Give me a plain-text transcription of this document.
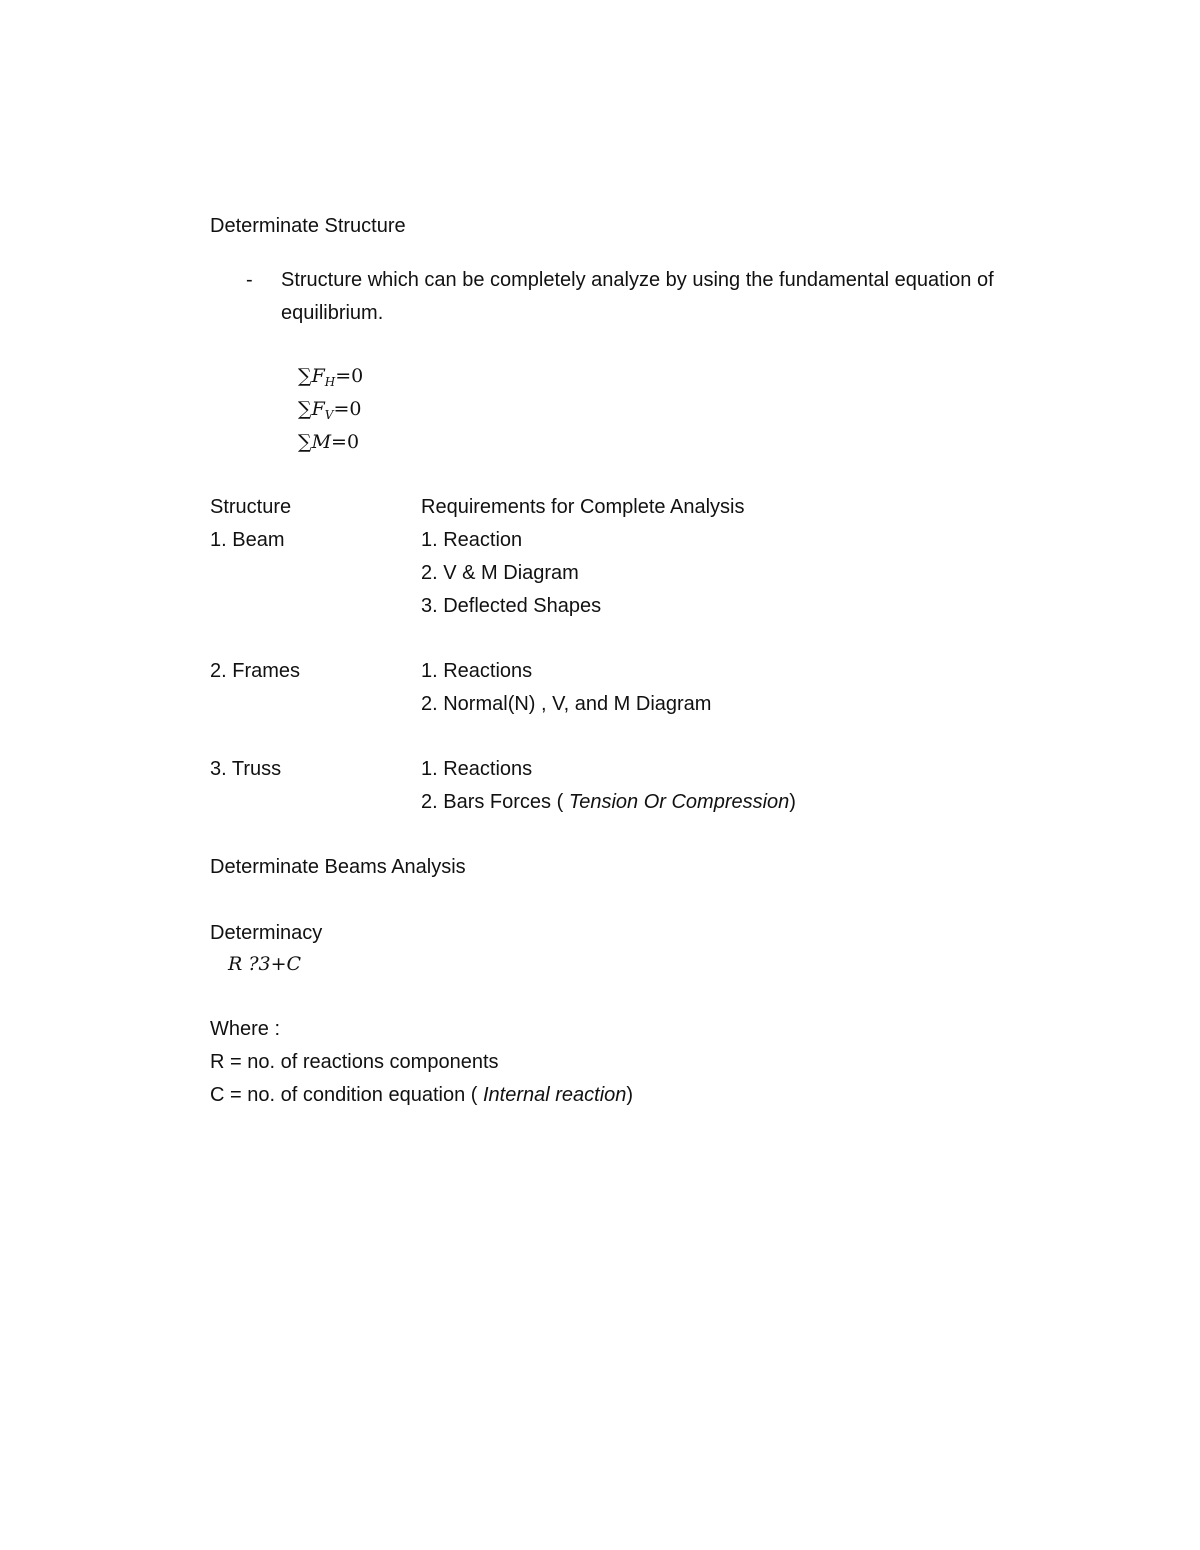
Determinate Structure
- Structure which can be completely analyze by using the fundamental equation of
equilibrium.
$\sum F_H=0$
$\sum F_V=0$
∑M=0
Structure	Requirements for Complete Analysis
1. Beam	1. Reaction
2. V & M Diagram
3. Deflected Shapes
2. Frames	1. Reactions
2. Normal(N) , V, and M Diagram
3. Truss	1. Reactions
2. Bars Forces ( Tension Or Compression)
Determinate Beams Analysis
Determinacy
R ?3+C
Where :
R = no. of reactions components
C = no. of condition equation ( Internal reaction)
